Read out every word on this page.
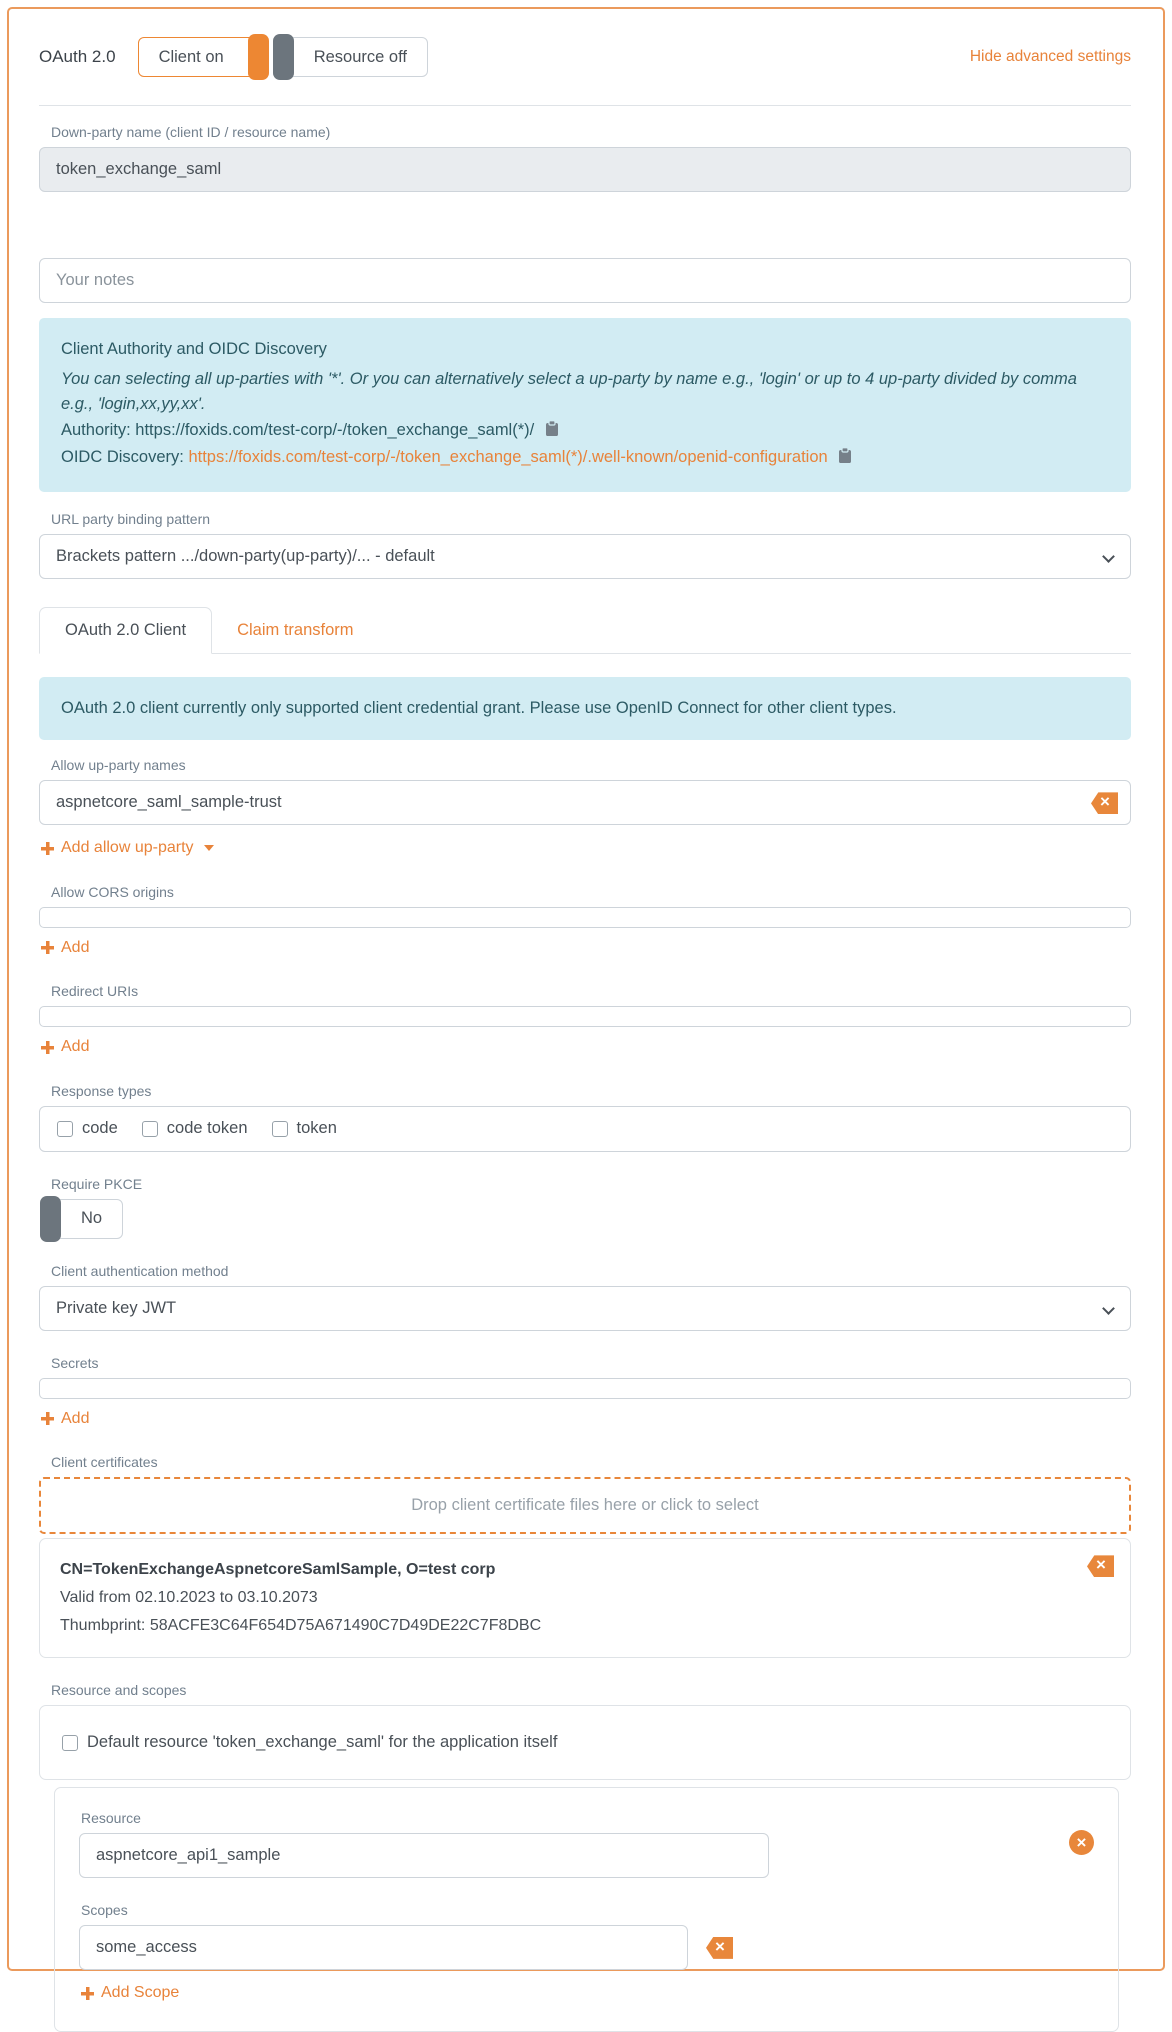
OAuth 2.0	Client on	Resource off	Hide advanced settings
Down-party name (client ID / resource name)
token_exchange_saml Your notes
Client Authority and OIDC Discovery
You can selecting all up-parties with '*'. Or you can alternatively select a up-party by name e.g., 'login' or up to 4 up-party divided by comma e.g., 'login,xx,yy,xx'.
Authority: https://foxids.com/test-corp/-/token_exchange_saml(*)/
OIDC Discovery: https://foxids.com/test-corp/-/token_exchange_saml(*)/.well-known/openid-configuration
URL party binding pattern
Brackets pattern .../down-party(up-party)/... - default
OAuth 2.0 Client	Claim transform
OAuth 2.0 client currently only supported client credential grant. Please use OpenID Connect for other client types.
Allow up-party names
aspnetcore_saml_sample-trust
×
Add allow up-party
Allow CORS origins
Add
Redirect URIs
Add
Response types
code	code token	token
Require PKCE
No
Client authentication method
Private key JWT
Secrets
Add
Client certificates
Drop client certificate files here or click to select
CN=TokenExchangeAspnetcoreSamlSample, O=test corp
Valid from 02.10.2023 to 03.10.2073
Thumbprint: 58ACFE3C64F654D75A671490C7D49DE22C7F8DBC
×
Resource and scopes
Default resource 'token_exchange_saml' for the application itself
Resource
aspnetcore_api1_sample
×
Scopes
some_access
×
Add Scope
